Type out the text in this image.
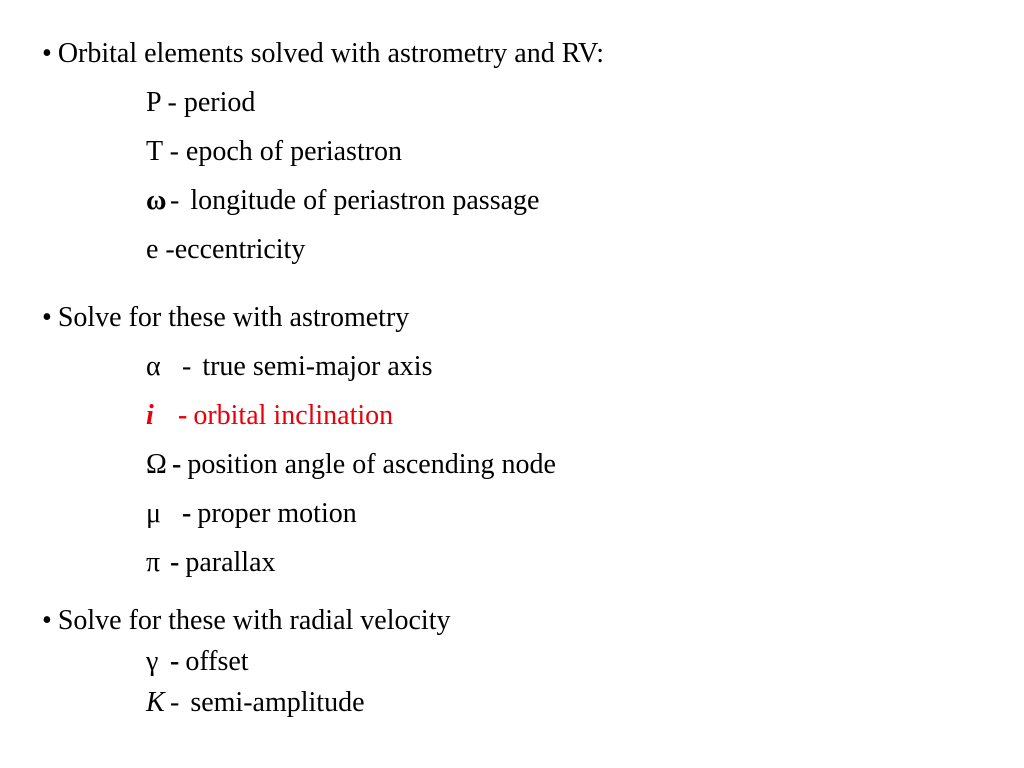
• Orbital elements solved with astrometry and RV:
P - period
T - epoch of periastron
ω - longitude of periastron passage
e -eccentricity
• Solve for these with astrometry
α - true semi-major axis
i - orbital inclination
Ω - position angle of ascending node
μ - proper motion
π - parallax
• Solve for these with radial velocity
γ - offset
K - semi-amplitude
